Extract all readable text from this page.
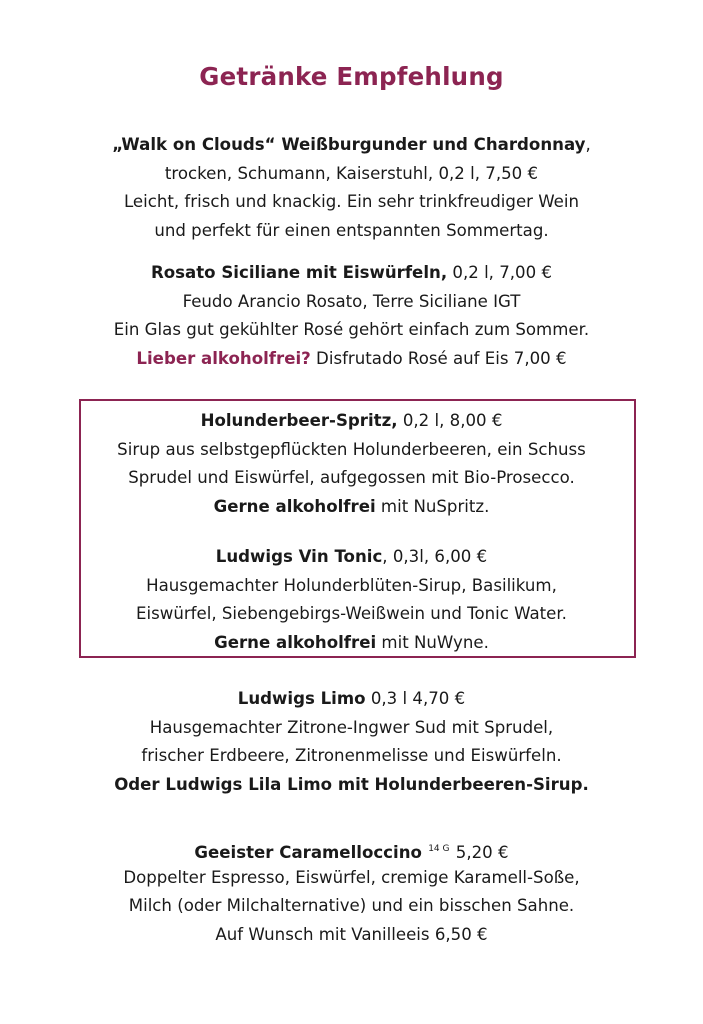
Getränke Empfehlung
„Walk on Clouds“ Weißburgunder und Chardonnay,
trocken, Schumann, Kaiserstuhl, 0,2 l, 7,50 €
Leicht, frisch und knackig. Ein sehr trinkfreudiger Wein
und perfekt für einen entspannten Sommertag.
Rosato Siciliane mit Eiswürfeln, 0,2 l, 7,00 €
Feudo Arancio Rosato, Terre Siciliane IGT
Ein Glas gut gekühlter Rosé gehört einfach zum Sommer.
Lieber alkoholfrei? Disfrutado Rosé auf Eis 7,00 €
Holunderbeer-Spritz, 0,2 l, 8,00 €
Sirup aus selbstgepflückten Holunderbeeren, ein Schuss
Sprudel und Eiswürfel, aufgegossen mit Bio-Prosecco.
Gerne alkoholfrei mit NuSpritz.
Ludwigs Vin Tonic, 0,3l, 6,00 €
Hausgemachter Holunderblüten-Sirup, Basilikum,
Eiswürfel, Siebengebirgs-Weißwein und Tonic Water.
Gerne alkoholfrei mit NuWyne.
Ludwigs Limo 0,3 l 4,70 €
Hausgemachter Zitrone-Ingwer Sud mit Sprudel,
frischer Erdbeere, Zitronenmelisse und Eiswürfeln.
Oder Ludwigs Lila Limo mit Holunderbeeren-Sirup.
Geeister Caramelloccino $^{14 G}$ 5,20 €
Doppelter Espresso, Eiswürfel, cremige Karamell-Soße,
Milch (oder Milchalternative) und ein bisschen Sahne.
Auf Wunsch mit Vanilleeis 6,50 €
